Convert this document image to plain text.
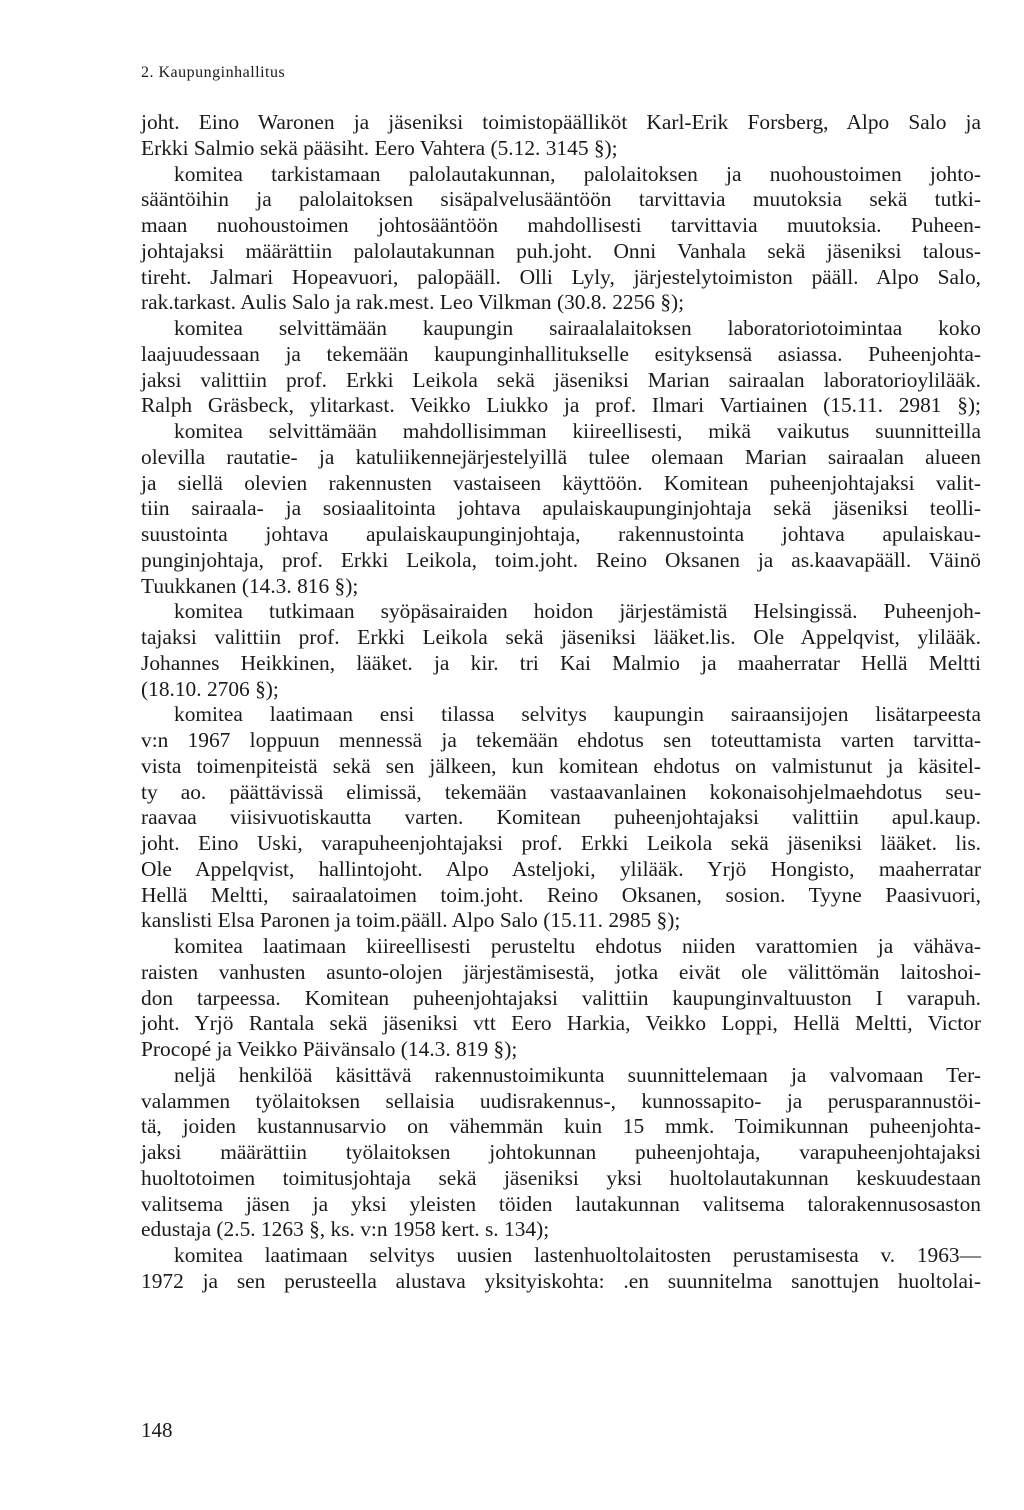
2. Kaupunginhallitus
joht. Eino Waronen ja jäseniksi toimistopäälliköt Karl-Erik Forsberg, Alpo Salo ja
Erkki Salmio sekä pääsiht. Eero Vahtera (5.12. 3145 §);
komitea tarkistamaan palolautakunnan, palolaitoksen ja nuohoustoimen johto-
sääntöihin ja palolaitoksen sisäpalvelusääntöön tarvittavia muutoksia sekä tutki-
maan nuohoustoimen johtosääntöön mahdollisesti tarvittavia muutoksia. Puheen-
johtajaksi määrättiin palolautakunnan puh.joht. Onni Vanhala sekä jäseniksi talous-
tireht. Jalmari Hopeavuori, palopääll. Olli Lyly, järjestelytoimiston pääll. Alpo Salo,
rak.tarkast. Aulis Salo ja rak.mest. Leo Vilkman (30.8. 2256 §);
komitea selvittämään kaupungin sairaalalaitoksen laboratoriotoimintaa koko
laajuudessaan ja tekemään kaupunginhallitukselle esityksensä asiassa. Puheenjohta-
jaksi valittiin prof. Erkki Leikola sekä jäseniksi Marian sairaalan laboratorioylilääk.
Ralph Gräsbeck, ylitarkast. Veikko Liukko ja prof. Ilmari Vartiainen (15.11. 2981 §);
komitea selvittämään mahdollisimman kiireellisesti, mikä vaikutus suunnitteilla
olevilla rautatie- ja katuliikennejärjestelyillä tulee olemaan Marian sairaalan alueen
ja siellä olevien rakennusten vastaiseen käyttöön. Komitean puheenjohtajaksi valit-
tiin sairaala- ja sosiaalitointa johtava apulaiskaupunginjohtaja sekä jäseniksi teolli-
suustointa johtava apulaiskaupunginjohtaja, rakennustointa johtava apulaiskau-
punginjohtaja, prof. Erkki Leikola, toim.joht. Reino Oksanen ja as.kaavapääll. Väinö
Tuukkanen (14.3. 816 §);
komitea tutkimaan syöpäsairaiden hoidon järjestämistä Helsingissä. Puheenjoh-
tajaksi valittiin prof. Erkki Leikola sekä jäseniksi lääket.lis. Ole Appelqvist, ylilääk.
Johannes Heikkinen, lääket. ja kir. tri Kai Malmio ja maaherratar Hellä Meltti
(18.10. 2706 §);
komitea laatimaan ensi tilassa selvitys kaupungin sairaansijojen lisätarpeesta
v:n 1967 loppuun mennessä ja tekemään ehdotus sen toteuttamista varten tarvitta-
vista toimenpiteistä sekä sen jälkeen, kun komitean ehdotus on valmistunut ja käsitel-
ty ao. päättävissä elimissä, tekemään vastaavanlainen kokonaisohjelmaehdotus seu-
raavaa viisivuotiskautta varten. Komitean puheenjohtajaksi valittiin apul.kaup.
joht. Eino Uski, varapuheenjohtajaksi prof. Erkki Leikola sekä jäseniksi lääket. lis.
Ole Appelqvist, hallintojoht. Alpo Asteljoki, ylilääk. Yrjö Hongisto, maaherratar
Hellä Meltti, sairaalatoimen toim.joht. Reino Oksanen, sosion. Tyyne Paasivuori,
kanslisti Elsa Paronen ja toim.pääll. Alpo Salo (15.11. 2985 §);
komitea laatimaan kiireellisesti perusteltu ehdotus niiden varattomien ja vähäva-
raisten vanhusten asunto-olojen järjestämisestä, jotka eivät ole välittömän laitoshoi-
don tarpeessa. Komitean puheenjohtajaksi valittiin kaupunginvaltuuston I varapuh.
joht. Yrjö Rantala sekä jäseniksi vtt Eero Harkia, Veikko Loppi, Hellä Meltti, Victor
Procopé ja Veikko Päivänsalo (14.3. 819 §);
neljä henkilöä käsittävä rakennustoimikunta suunnittelemaan ja valvomaan Ter-
valammen työlaitoksen sellaisia uudisrakennus-, kunnossapito- ja perusparannustöi-
tä, joiden kustannusarvio on vähemmän kuin 15 mmk. Toimikunnan puheenjohta-
jaksi määrättiin työlaitoksen johtokunnan puheenjohtaja, varapuheenjohtajaksi
huoltotoimen toimitusjohtaja sekä jäseniksi yksi huoltolautakunnan keskuudestaan
valitsema jäsen ja yksi yleisten töiden lautakunnan valitsema talorakennusosaston
edustaja (2.5. 1263 §, ks. v:n 1958 kert. s. 134);
komitea laatimaan selvitys uusien lastenhuoltolaitosten perustamisesta v. 1963—
1972 ja sen perusteella alustava yksityiskohta: .en suunnitelma sanottujen huoltolai-
148
